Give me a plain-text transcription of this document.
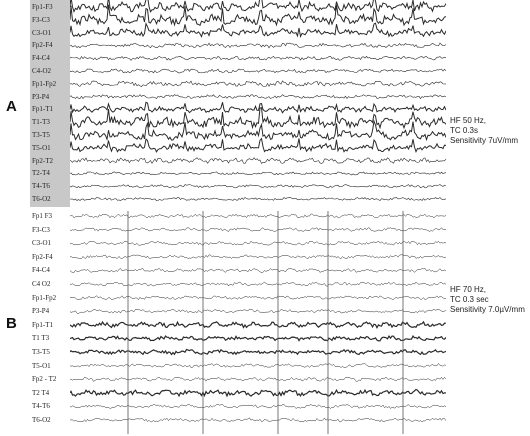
A
B
Fp1-F3
F3-C3
C3-O1
Fp2-F4
F4-C4
C4-O2
Fp1-Fp2
P3-P4
Fp1-T1
T1-T3
T3-T5
T5-O1
Fp2-T2
T2-T4
T4-T6
T6-O2
Fp1 F3
F3-C3
C3-O1
Fp2-F4
F4-C4
C4 O2
Fp1-Fp2
P3-P4
Fp1-T1
T1 T3
T3-T5
T5-O1
Fp2 - T2
T2 T4
T4-T6
T6-O2
HF 50 Hz,
TC 0.3s
Sensitivity 7uV/mm
HF 70 Hz,
TC 0.3 sec
Sensitivity 7.0µV/mm
